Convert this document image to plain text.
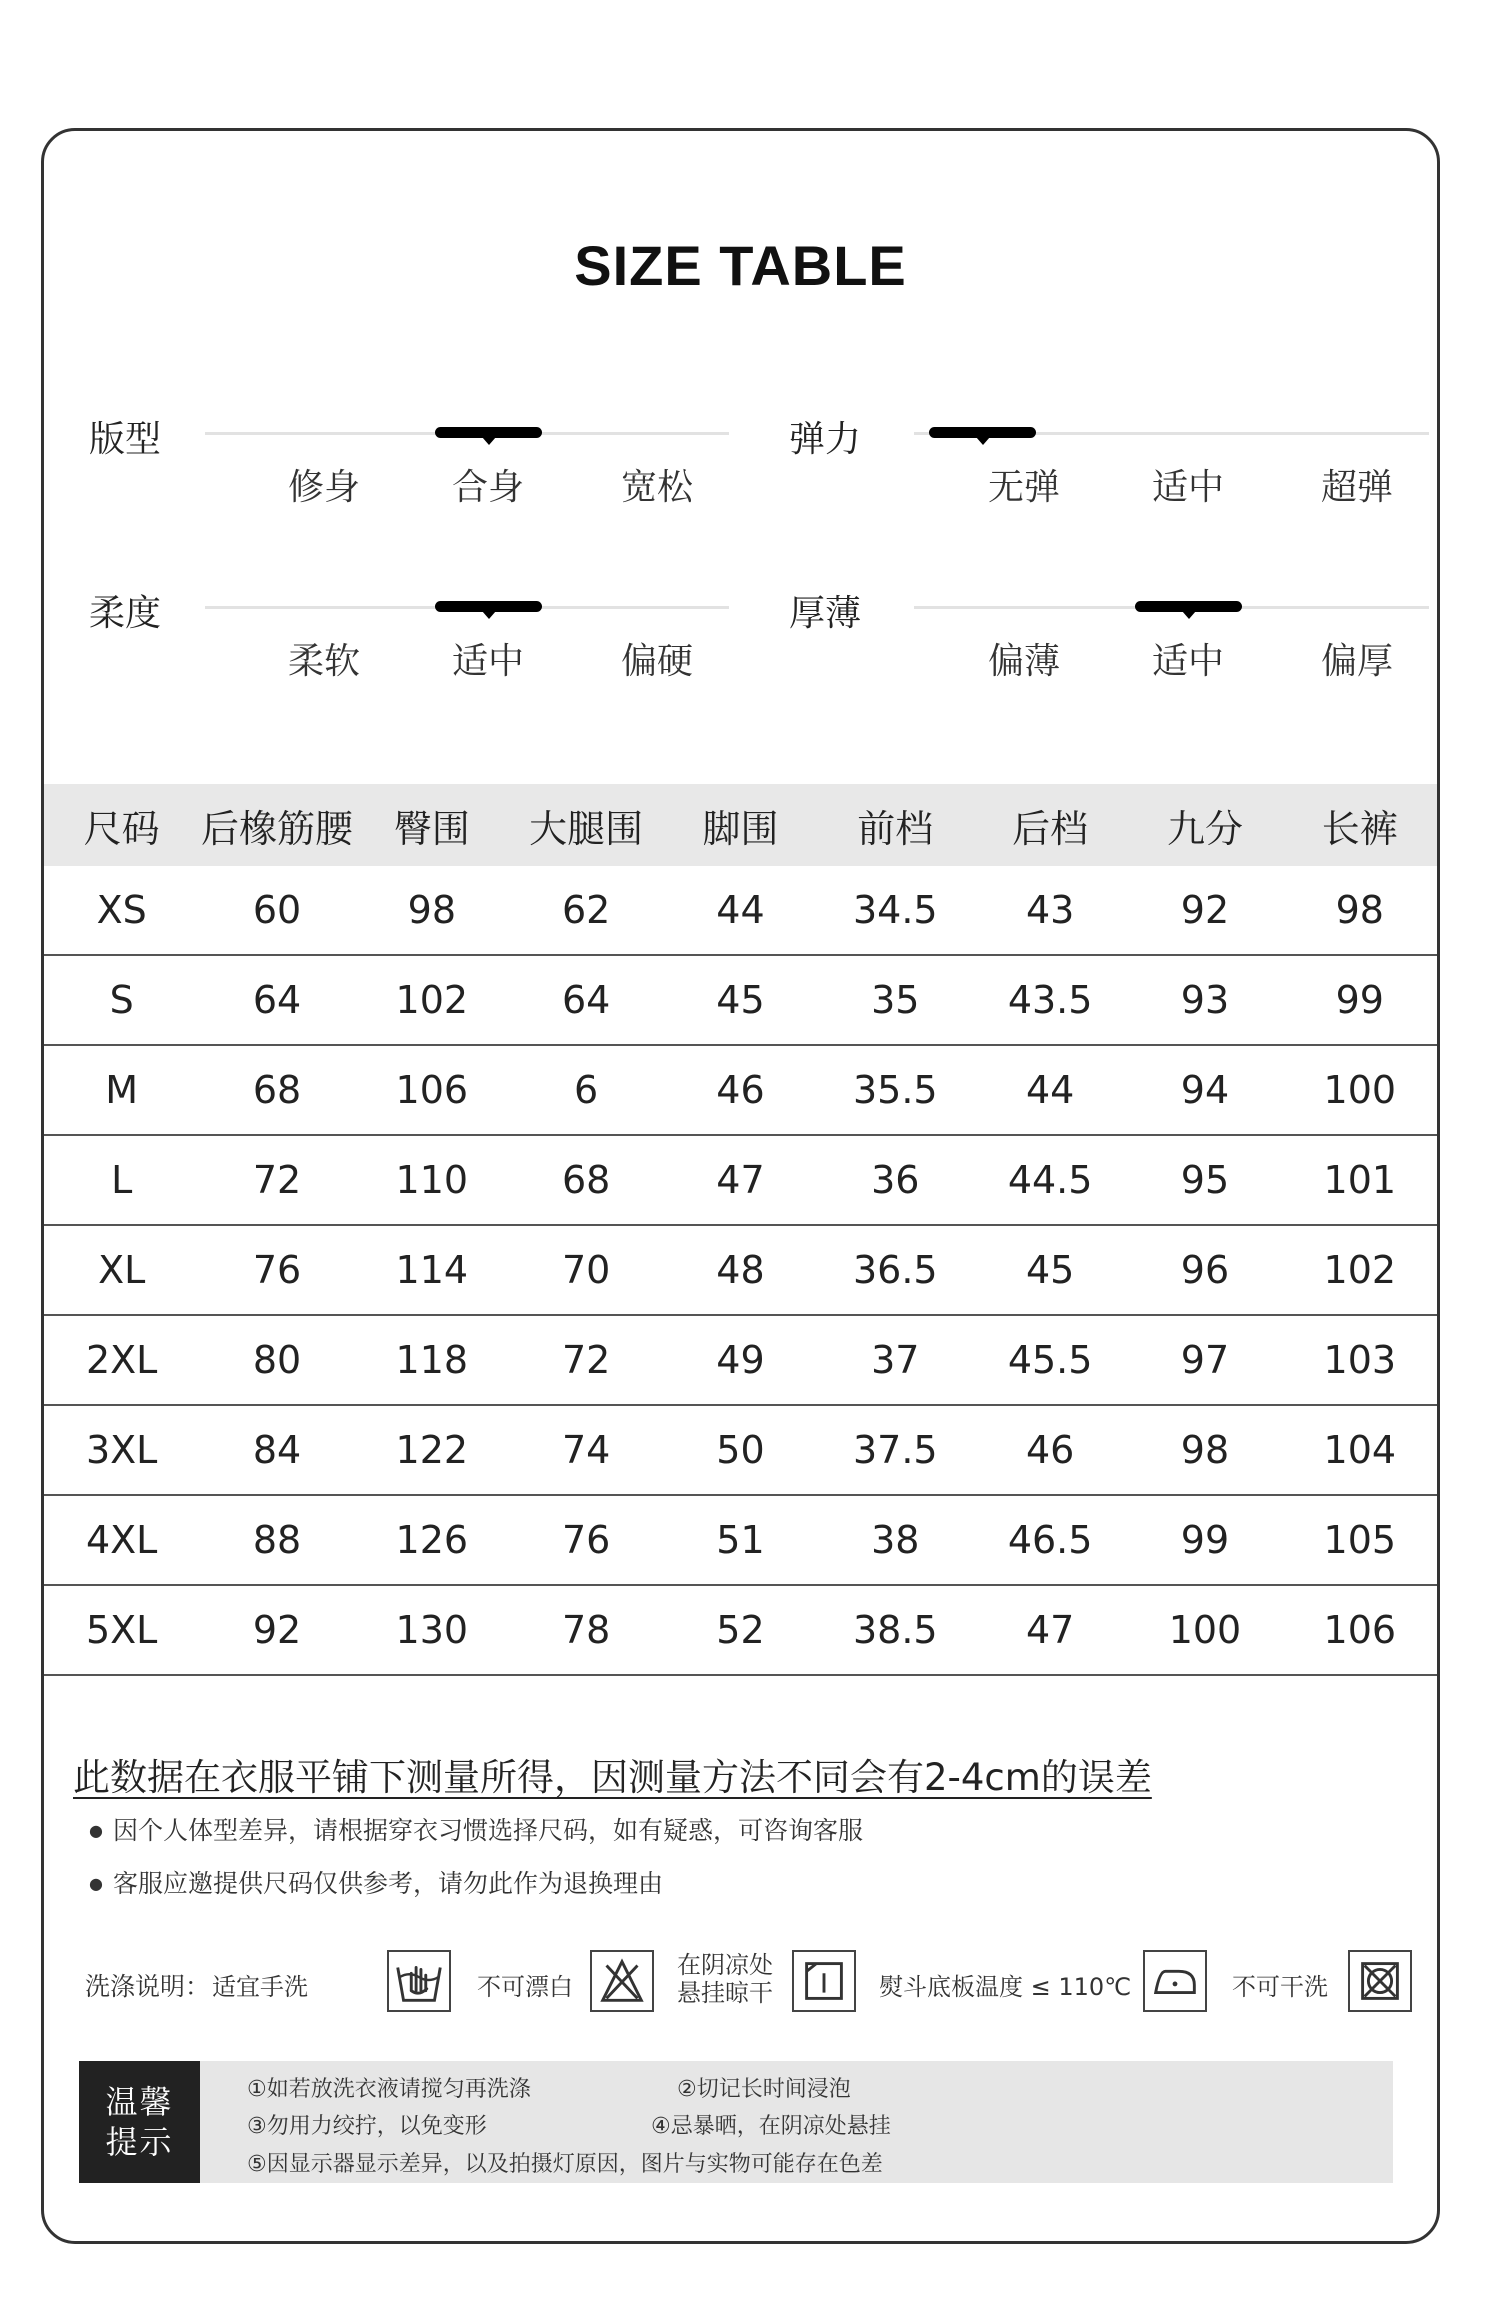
SIZE TABLE
版型
修身	合身	宽松
弹力
无弹	适中	超弹
柔度
柔软	适中	偏硬
厚薄
偏薄	适中	偏厚
尺码	后橡筋腰	臀围	大腿围	脚围	前档	后档	九分	长裤
XS	60	98	62	44	34.5	43	92	98
S	64	102	64	45	35	43.5	93	99
M	68	106	6	46	35.5	44	94	100
L	72	110	68	47	36	44.5	95	101
XL	76	114	70	48	36.5	45	96	102
2XL	80	118	72	49	37	45.5	97	103
3XL	84	122	74	50	37.5	46	98	104
4XL	88	126	76	51	38	46.5	99	105
5XL	92	130	78	52	38.5	47	100	106
此数据在衣服平铺下测量所得，因测量方法不同会有2-4cm的误差
● 因个人体型差异，请根据穿衣习惯选择尺码，如有疑惑，可咨询客服
● 客服应邀提供尺码仅供参考，请勿此作为退换理由
洗涤说明： 适宜手洗	不可漂白
在阴凉处
悬挂晾干	熨斗底板温度 ≤ 110℃	不可干洗
温馨
提示
①如若放洗衣液请搅匀再洗涤	②切记长时间浸泡
③勿用力绞拧，以免变形	④忌暴晒，在阴凉处悬挂
⑤因显示器显示差异，以及拍摄灯原因，图片与实物可能存在色差
